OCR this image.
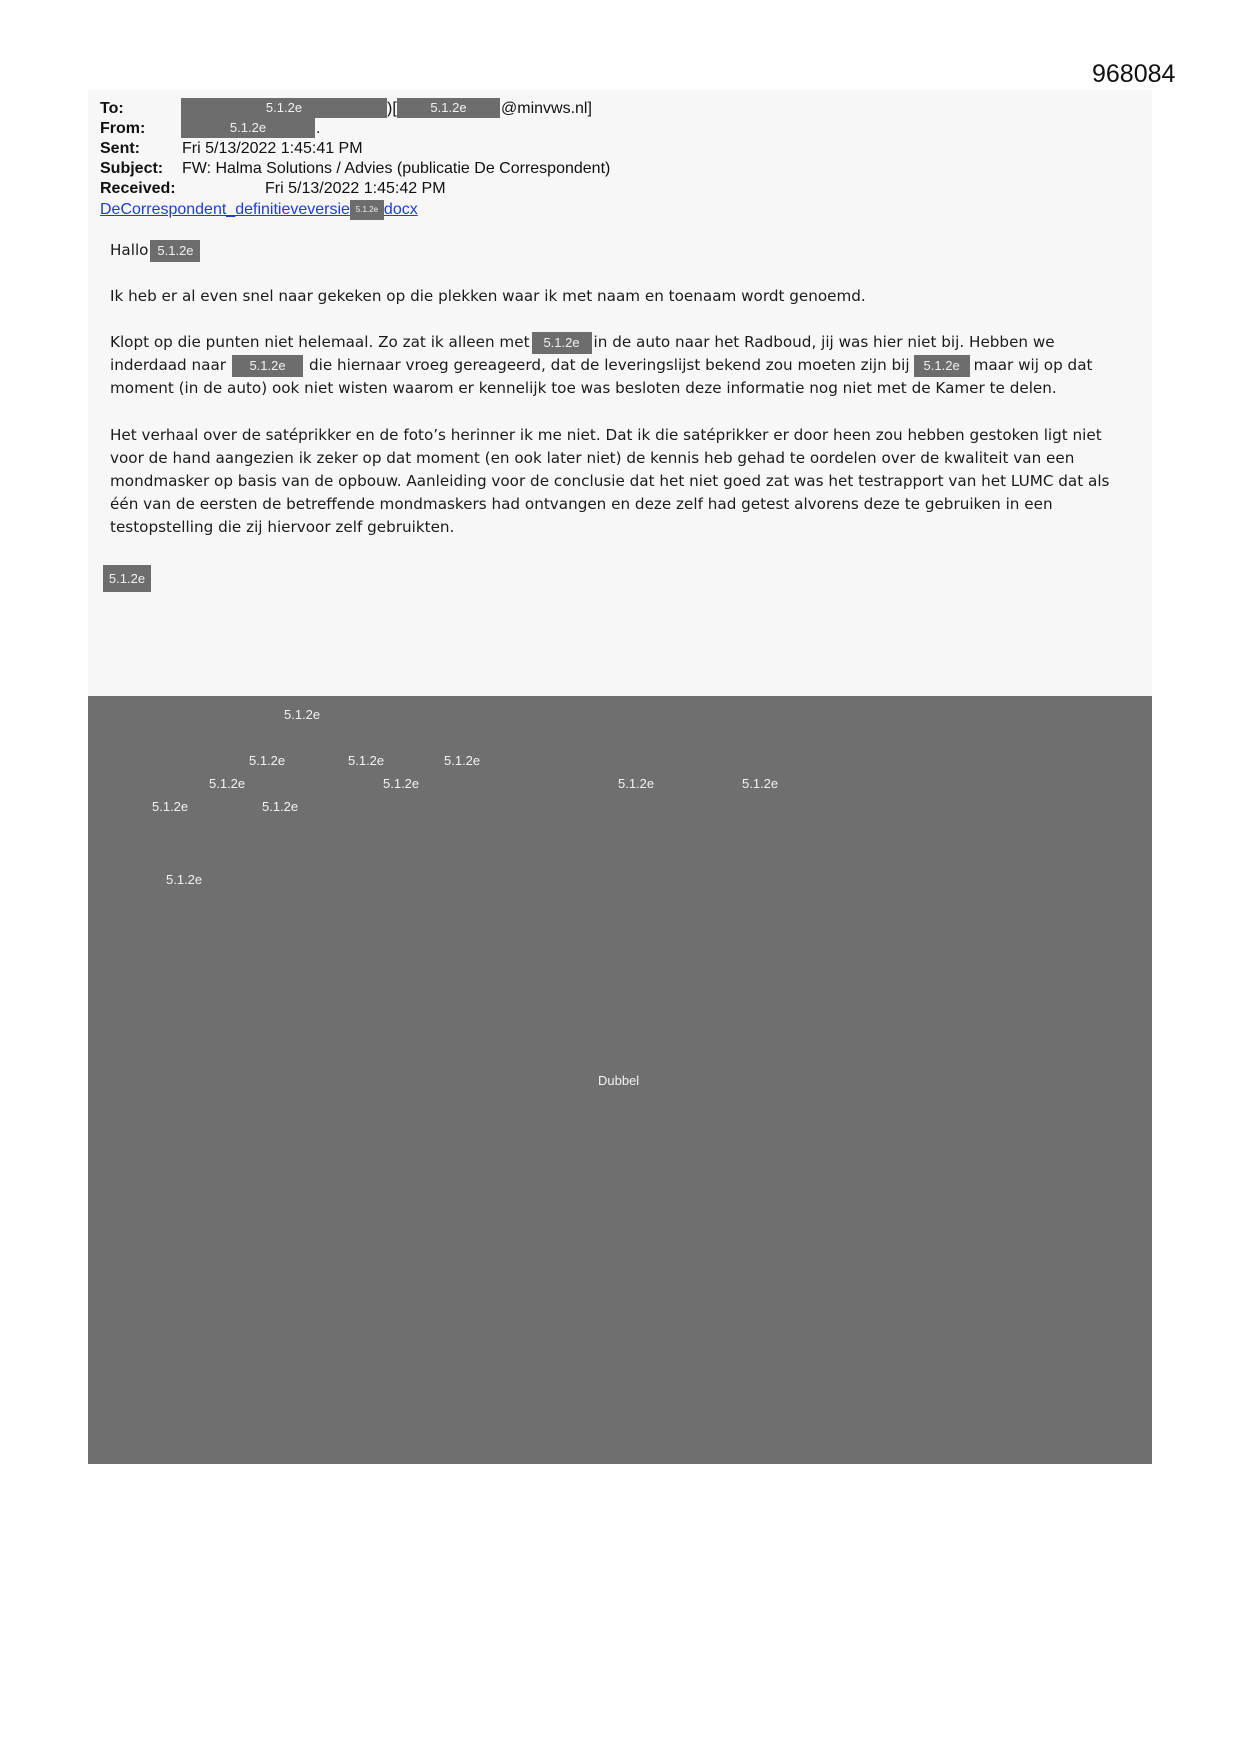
968084
To:	5.1.2e	)[	5.1.2e	@minvws.nl]
From:	5.1.2e	.
Sent:	Fri 5/13/2022 1:45:41 PM
Subject: FW: Halma Solutions / Advies (publicatie De Correspondent)
Received:	Fri 5/13/2022 1:45:42 PM
DeCorrespondent_definitieveversie 5.1.2e docx
Hallo 5.1.2e
Ik heb er al even snel naar gekeken op die plekken waar ik met naam en toenaam wordt genoemd.
Klopt op die punten niet helemaal. Zo zat ik alleen met 5.1.2e in de auto naar het Radboud, jij was hier niet bij. Hebben we
inderdaad naar 5.1.2e die hiernaar vroeg gereageerd, dat de leveringslijst bekend zou moeten zijn bij 5.1.2e maar wij op dat
moment (in de auto) ook niet wisten waarom er kennelijk toe was besloten deze informatie nog niet met de Kamer te delen.
Het verhaal over de satéprikker en de foto’s herinner ik me niet. Dat ik die satéprikker er door heen zou hebben gestoken ligt niet
voor de hand aangezien ik zeker op dat moment (en ook later niet) de kennis heb gehad te oordelen over de kwaliteit van een
mondmasker op basis van de opbouw. Aanleiding voor de conclusie dat het niet goed zat was het testrapport van het LUMC dat als
één van de eersten de betreffende mondmaskers had ontvangen en deze zelf had getest alvorens deze te gebruiken in een
testopstelling die zij hiervoor zelf gebruikten.
5.1.2e
5.1.2e
5.1.2e	5.1.2e	5.1.2e
5.1.2e	5.1.2e	5.1.2e	5.1.2e
5.1.2e	5.1.2e
5.1.2e
Dubbel
